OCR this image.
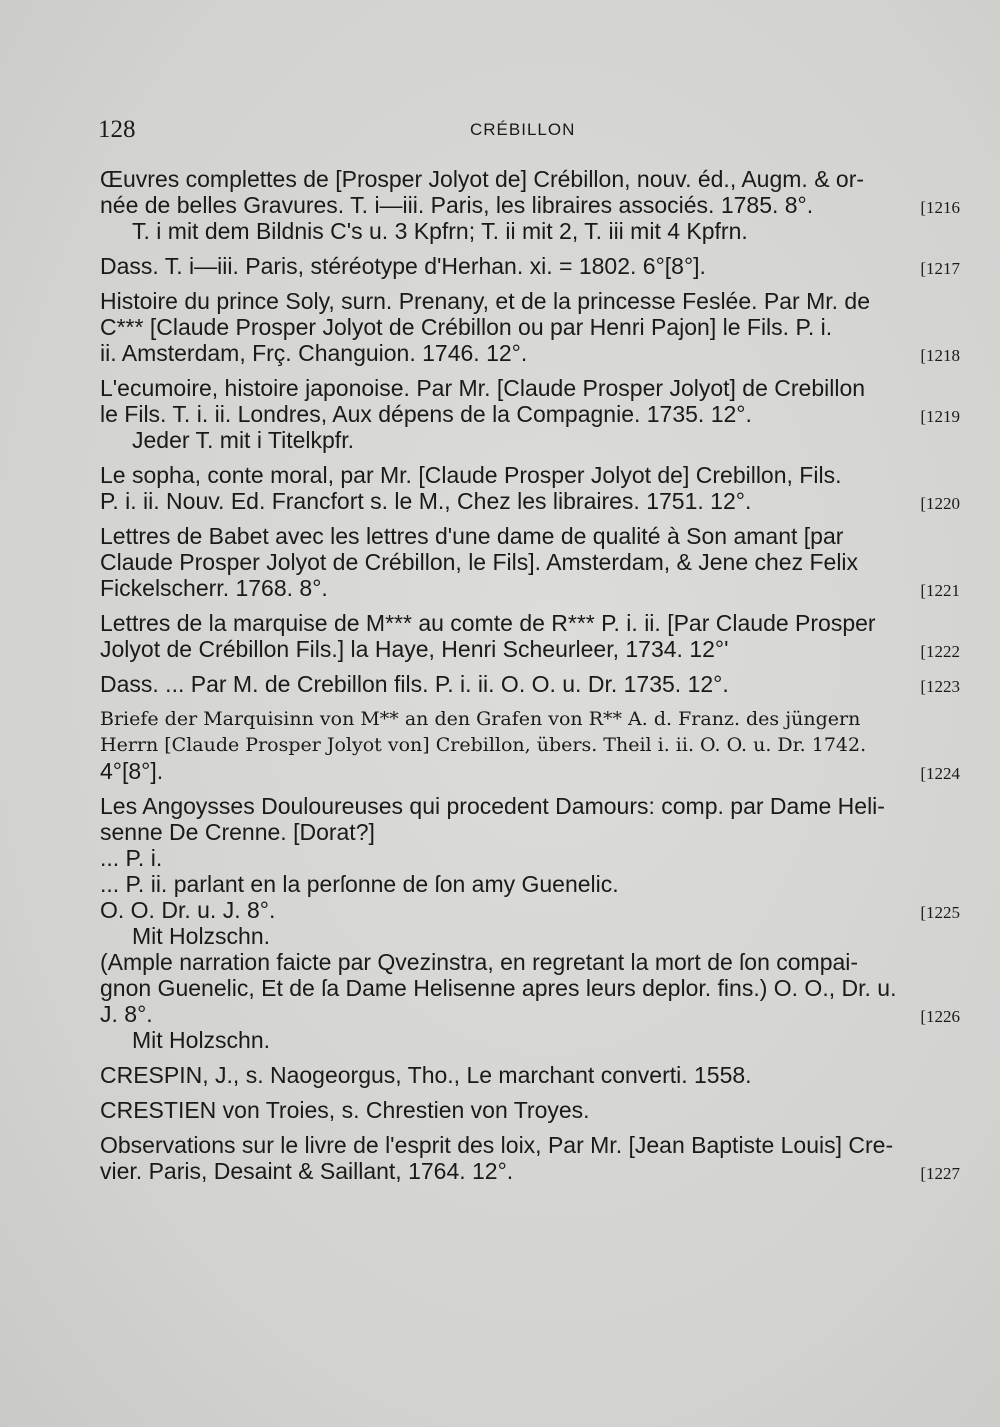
128	CRÉBILLON
Œuvres complettes de [Prosper Jolyot de] Crébillon, nouv. éd., Augm. & or-
née de belles Gravures. T. i—iii. Paris, les libraires associés. 1785. 8°.	[1216
T. i mit dem Bildnis C's u. 3 Kpfrn; T. ii mit 2, T. iii mit 4 Kpfrn.
Dass. T. i—iii. Paris, stéréotype d'Herhan. xi. = 1802. 6°[8°].	[1217
Histoire du prince Soly, surn. Prenany, et de la princesse Feslée. Par Mr. de
C*** [Claude Prosper Jolyot de Crébillon ou par Henri Pajon] le Fils. P. i.
ii. Amsterdam, Frç. Changuion. 1746. 12°.	[1218
L'ecumoire, histoire japonoise. Par Mr. [Claude Prosper Jolyot] de Crebillon
le Fils. T. i. ii. Londres, Aux dépens de la Compagnie. 1735. 12°.	[1219
Jeder T. mit i Titelkpfr.
Le sopha, conte moral, par Mr. [Claude Prosper Jolyot de] Crebillon, Fils.
P. i. ii. Nouv. Ed. Francfort s. le M., Chez les libraires. 1751. 12°.	[1220
Lettres de Babet avec les lettres d'une dame de qualité à Son amant [par
Claude Prosper Jolyot de Crébillon, le Fils]. Amsterdam, & Jene chez Felix
Fickelscherr. 1768. 8°.	[1221
Lettres de la marquise de M*** au comte de R*** P. i. ii. [Par Claude Prosper
Jolyot de Crébillon Fils.] la Haye, Henri Scheurleer, 1734. 12°'	[1222
Dass. ... Par M. de Crebillon fils. P. i. ii. O. O. u. Dr. 1735. 12°.	[1223
Briefe der Marquisinn von M** an den Grafen von R** A. d. Franz. des jüngern
Herrn [Claude Prosper Jolyot von] Crebillon, übers. Theil i. ii. O. O. u. Dr. 1742.
4°[8°].	[1224
Les Angoysses Douloureuses qui procedent Damours: comp. par Dame Heli-
senne De Crenne. [Dorat?]
... P. i.
... P. ii. parlant en la perſonne de ſon amy Guenelic.
O. O. Dr. u. J. 8°.	[1225
Mit Holzschn.
(Ample narration faicte par Qvezinstra, en regretant la mort de ſon compai-
gnon Guenelic, Et de ſa Dame Helisenne apres leurs deplor. fins.) O. O., Dr. u.
J. 8°.	[1226
Mit Holzschn.
CRESPIN, J., s. Naogeorgus, Tho., Le marchant converti. 1558.
CRESTIEN von Troies, s. Chrestien von Troyes.
Observations sur le livre de l'esprit des loix, Par Mr. [Jean Baptiste Louis] Cre-
vier. Paris, Desaint & Saillant, 1764. 12°.	[1227
